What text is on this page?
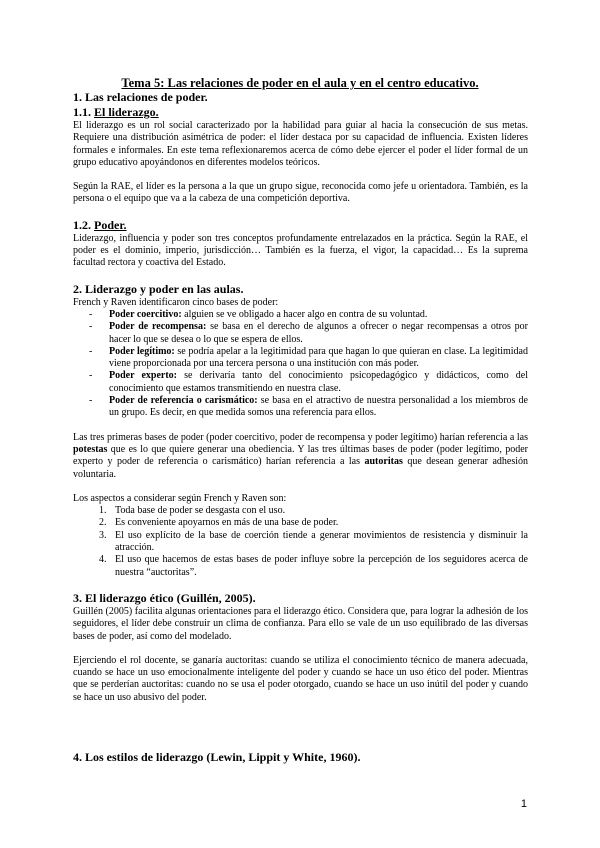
Tema 5: Las relaciones de poder en el aula y en el centro educativo.
1. Las relaciones de poder.
1.1. El liderazgo.

El liderazgo es un rol social caracterizado por la habilidad para guiar al hacia la consecución de sus metas. Requiere una distribución asimétrica de poder: el líder destaca por su capacidad de influencia. Existen líderes formales e informales. En este tema reflexionaremos acerca de cómo debe ejercer el poder el líder formal de un grupo educativo apoyándonos en diferentes modelos teóricos.

Según la RAE, el líder es la persona a la que un grupo sigue, reconocida como jefe u orientadora. También, es la persona o el equipo que va a la cabeza de una competición deportiva.

1.2. Poder.

Liderazgo, influencia y poder son tres conceptos profundamente entrelazados en la práctica. Según la RAE, el poder es el dominio, imperio, jurisdicción… También es la fuerza, el vigor, la capacidad… Es la suprema facultad rectora y coactiva del Estado.

2. Liderazgo y poder en las aulas.

French y Raven identificaron cinco bases de poder:

- Poder coercitivo: alguien se ve obligado a hacer algo en contra de su voluntad.
- Poder de recompensa: se basa en el derecho de algunos a ofrecer o negar recompensas a otros por hacer lo que se desea o lo que se espera de ellos.
- Poder legítimo: se podría apelar a la legitimidad para que hagan lo que quieran en clase. La legitimidad viene proporcionada por una tercera persona o una institución con más poder.
- Poder experto: se derivaría tanto del conocimiento psicopedagógico y didácticos, como del conocimiento que estamos transmitiendo en nuestra clase.
- Poder de referencia o carismático: se basa en el atractivo de nuestra personalidad a los miembros de un grupo. Es decir, en que medida somos una referencia para ellos.

Las tres primeras bases de poder (poder coercitivo, poder de recompensa y poder legítimo) harían referencia a las potestas que es lo que quiere generar una obediencia. Y las tres últimas bases de poder (poder legítimo, poder experto y poder de referencia o carismático) harían referencia a las autoritas que desean generar adhesión voluntaria.

Los aspectos a considerar según French y Raven son:

1. Toda base de poder se desgasta con el uso.
2. Es conveniente apoyarnos en más de una base de poder.
3. El uso explícito de la base de coerción tiende a generar movimientos de resistencia y disminuir la atracción.
4. El uso que hacemos de estas bases de poder influye sobre la percepción de los seguidores acerca de nuestra “auctoritas”.
3. El liderazgo ético (Guillén, 2005).

Guillén (2005) facilita algunas orientaciones para el liderazgo ético. Considera que, para lograr la adhesión de los seguidores, el líder debe construir un clima de confianza. Para ello se vale de un uso equilibrado de las diversas bases de poder, así como del modelado.

Ejerciendo el rol docente, se ganaría auctoritas: cuando se utiliza el conocimiento técnico de manera adecuada, cuando se hace un uso emocionalmente inteligente del poder y cuando se hace un uso ético del poder. Mientras que se perderían auctoritas: cuando no se usa el poder otorgado, cuando se hace un uso inútil del poder y cuando se hace un uso abusivo del poder.

4. Los estilos de liderazgo (Lewin, Lippit y White, 1960).
1
